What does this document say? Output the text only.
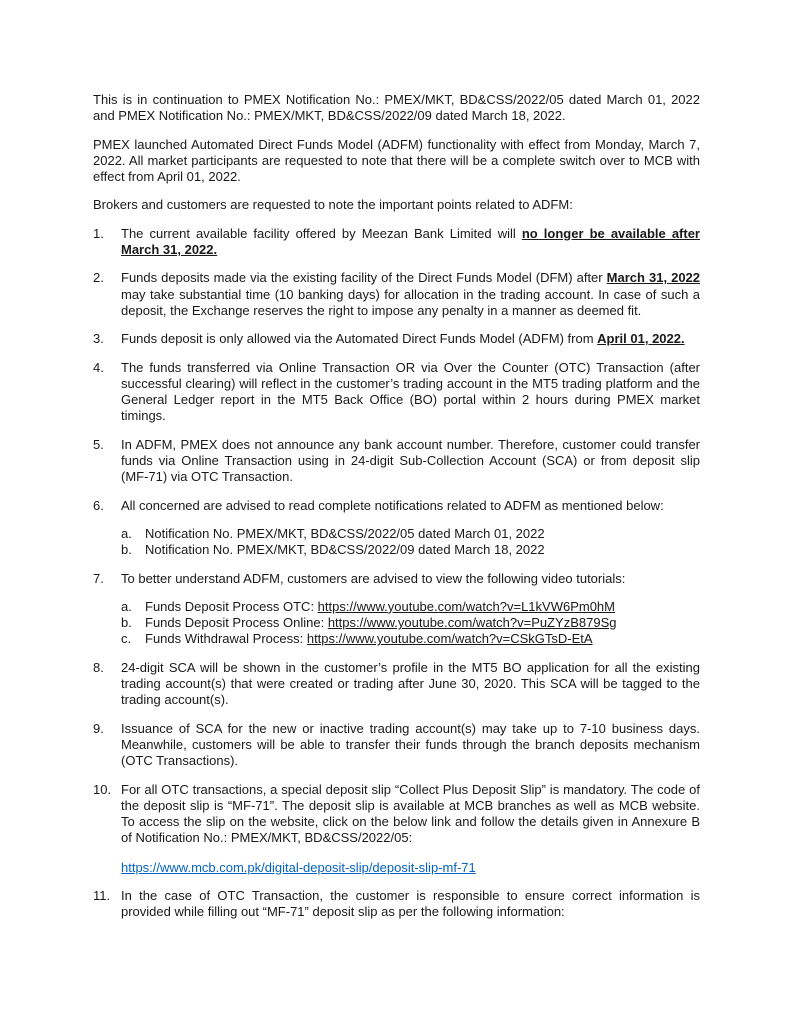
This is in continuation to PMEX Notification No.: PMEX/MKT, BD&CSS/2022/05 dated March 01, 2022 and PMEX Notification No.: PMEX/MKT, BD&CSS/2022/09 dated March 18, 2022.
PMEX launched Automated Direct Funds Model (ADFM) functionality with effect from Monday, March 7, 2022. All market participants are requested to note that there will be a complete switch over to MCB with effect from April 01, 2022.
Brokers and customers are requested to note the important points related to ADFM:
1.	The current available facility offered by Meezan Bank Limited will no longer be available after March 31, 2022.
2.	Funds deposits made via the existing facility of the Direct Funds Model (DFM) after March 31, 2022 may take substantial time (10 banking days) for allocation in the trading account. In case of such a deposit, the Exchange reserves the right to impose any penalty in a manner as deemed fit.
3.	Funds deposit is only allowed via the Automated Direct Funds Model (ADFM) from April 01, 2022.
4.	The funds transferred via Online Transaction OR via Over the Counter (OTC) Transaction (after successful clearing) will reflect in the customer’s trading account in the MT5 trading platform and the General Ledger report in the MT5 Back Office (BO) portal within 2 hours during PMEX market timings.
5.	In ADFM, PMEX does not announce any bank account number. Therefore, customer could transfer funds via Online Transaction using in 24-digit Sub-Collection Account (SCA) or from deposit slip (MF-71) via OTC Transaction.
6.	All concerned are advised to read complete notifications related to ADFM as mentioned below:
a.	Notification No. PMEX/MKT, BD&CSS/2022/05 dated March 01, 2022
b.	Notification No. PMEX/MKT, BD&CSS/2022/09 dated March 18, 2022
7.	To better understand ADFM, customers are advised to view the following video tutorials:
a.	Funds Deposit Process OTC: https://www.youtube.com/watch?v=L1kVW6Pm0hM
b.	Funds Deposit Process Online: https://www.youtube.com/watch?v=PuZYzB879Sg
c.	Funds Withdrawal Process: https://www.youtube.com/watch?v=CSkGTsD-EtA
8.	24-digit SCA will be shown in the customer’s profile in the MT5 BO application for all the existing trading account(s) that were created or trading after June 30, 2020. This SCA will be tagged to the trading account(s).
9.	Issuance of SCA for the new or inactive trading account(s) may take up to 7-10 business days. Meanwhile, customers will be able to transfer their funds through the branch deposits mechanism (OTC Transactions).
10. For all OTC transactions, a special deposit slip “Collect Plus Deposit Slip” is mandatory. The code of the deposit slip is “MF-71”. The deposit slip is available at MCB branches as well as MCB website. To access the slip on the website, click on the below link and follow the details given in Annexure B of Notification No.: PMEX/MKT, BD&CSS/2022/05:
https://www.mcb.com.pk/digital-deposit-slip/deposit-slip-mf-71
11. In the case of OTC Transaction, the customer is responsible to ensure correct information is provided while filling out “MF-71” deposit slip as per the following information:
